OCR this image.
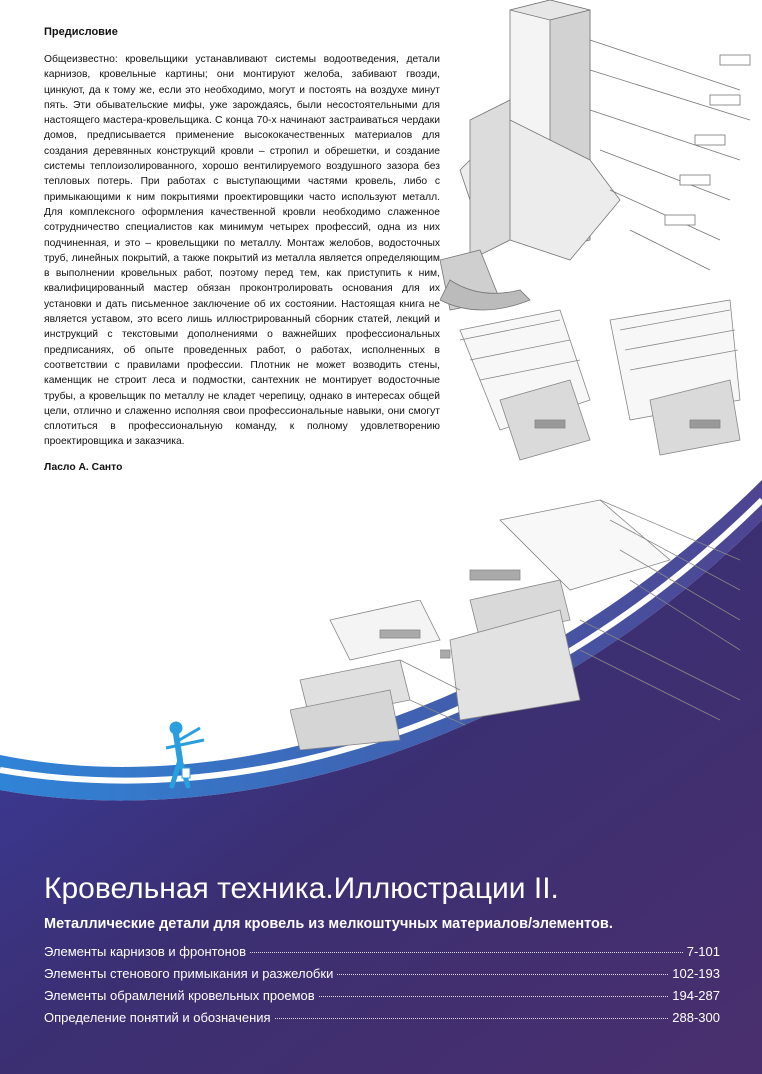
Предисловие

Общеизвестно: кровельщики устанавливают системы водоотведения, детали карнизов, кровельные картины; они монтируют желоба, забивают гвозди, цинкуют, да к тому же, если это необходимо, могут и постоять на воздухе минут пять. Эти обывательские мифы, уже зарождаясь, были несостоятельными для настоящего мастера-кровельщика. С конца 70-х начинают застраиваться чердаки домов, предписывается применение высококачественных материалов для создания деревянных конструкций кровли – стропил и обрешетки, и создание системы теплоизолированного, хорошо вентилируемого воздушного зазора без тепловых потерь. При работах с выступающими частями кровель, либо с примыкающими к ним покрытиями проектировщики часто используют металл. Для комплексного оформления качественной кровли необходимо слаженное сотрудничество специалистов как минимум четырех профессий, одна из них подчиненная, и это – кровельщики по металлу. Монтаж желобов, водосточных труб, линейных покрытий, а также покрытий из металла является определяющим в выполнении кровельных работ, поэтому перед тем, как приступить к ним, квалифицированный мастер обязан проконтролировать основания для их установки и дать письменное заключение об их состоянии. Настоящая книга не является уставом, это всего лишь иллюстрированный сборник статей, лекций и инструкций с текстовыми дополнениями о важнейших профессиональных предписаниях, об опыте проведенных работ, о работах, исполненных в соответствии с правилами профессии. Плотник не может возводить стены, каменщик не строит леса и подмостки, сантехник не монтирует водосточные трубы, а кровельщик по металлу не кладет черепицу, однако в интересах общей цели, отлично и слаженно исполняя свои профессиональные навыки, они смогут сплотиться в профессиональную команду, к полному удовлетворению проектировщика и заказчика.

Ласло А. Санто
Кровельная техника.Иллюстрации II.
Металлические детали для кровель из мелкоштучных материалов/элементов.
Элементы карнизов и фронтонов	7-101
Элементы стенового примыкания и разжелобки	102-193
Элементы обрамлений кровельных проемов	194-287
Определение понятий и обозначения	288-300
